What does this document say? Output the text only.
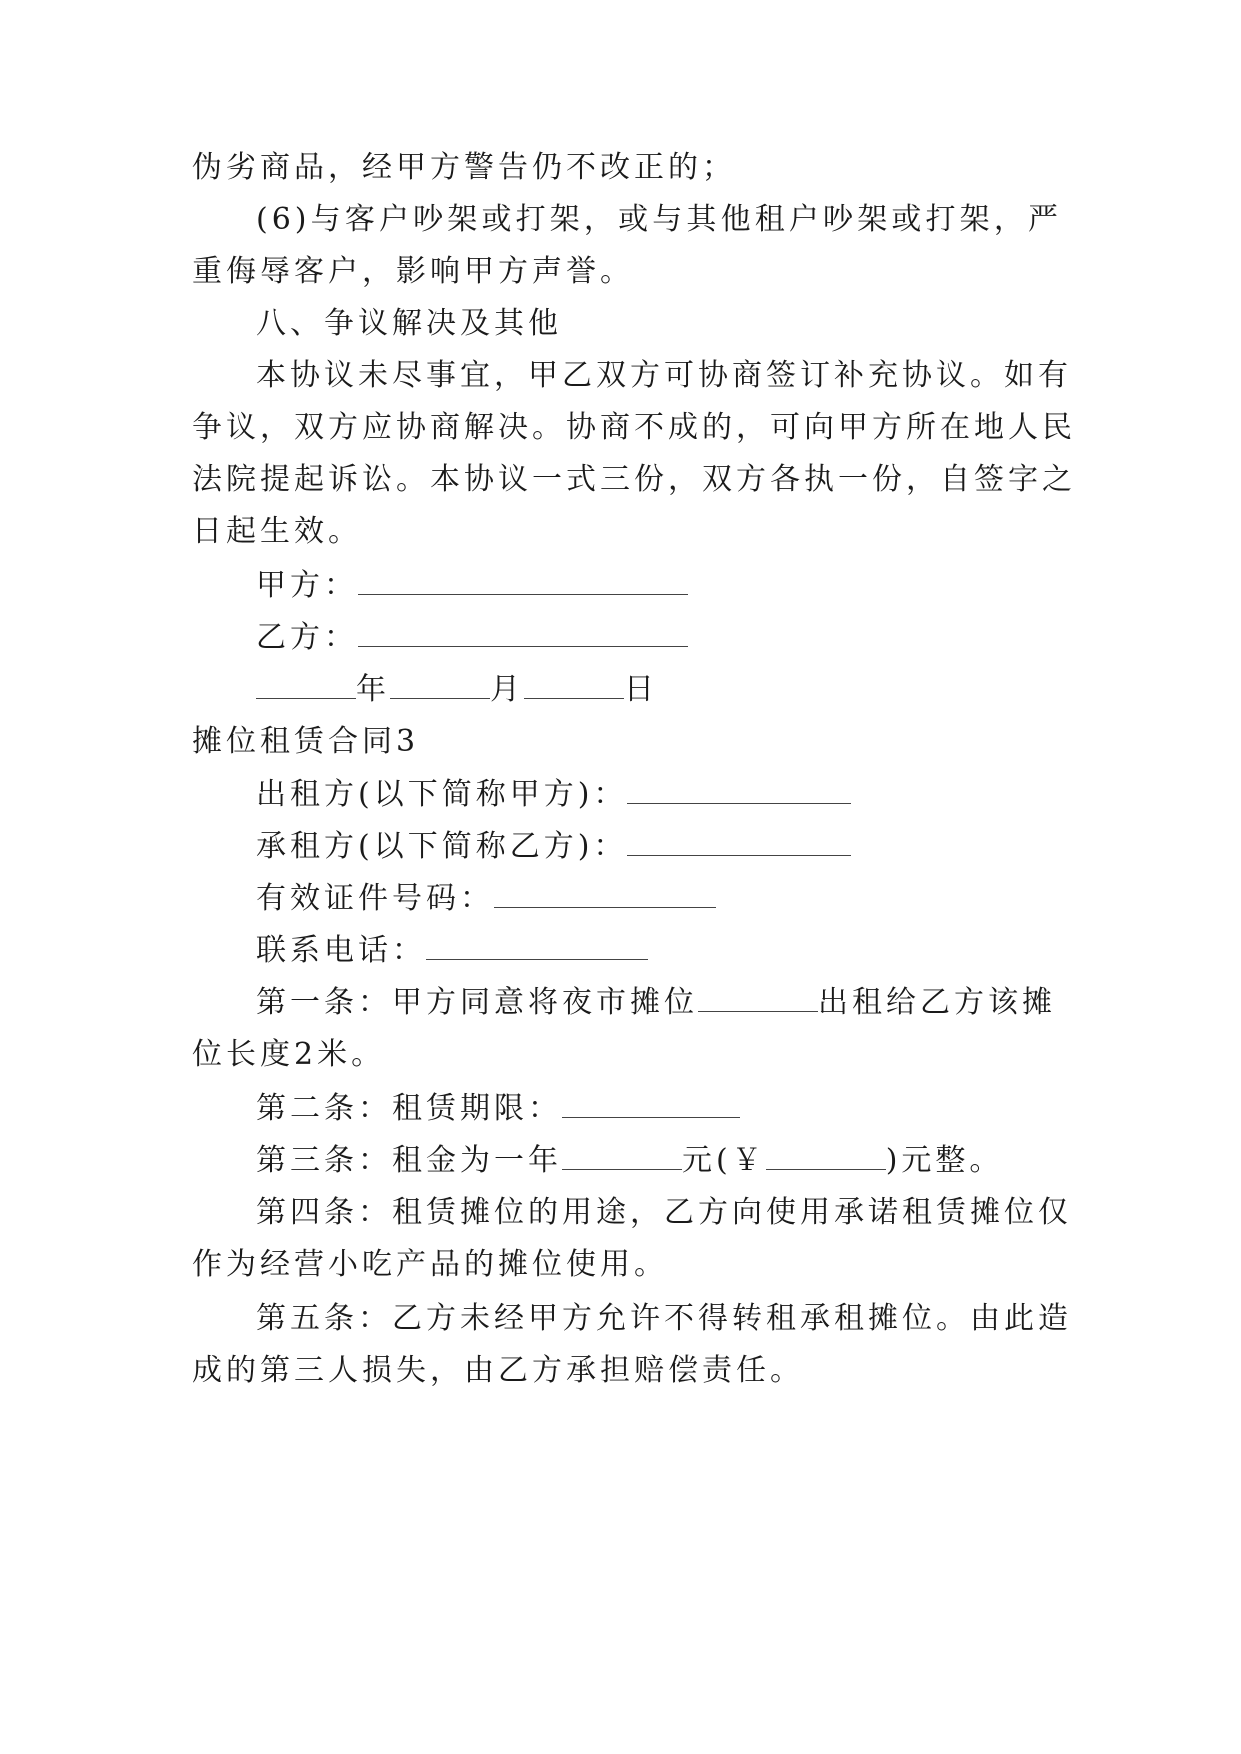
伪劣商品，经甲方警告仍不改正的；
(6)与客户吵架或打架，或与其他租户吵架或打架，严
重侮辱客户，影响甲方声誉。
八、争议解决及其他
本协议未尽事宜，甲乙双方可协商签订补充协议。如有
争议，双方应协商解决。协商不成的，可向甲方所在地人民
法院提起诉讼。本协议一式三份，双方各执一份，自签字之
日起生效。
甲方：
乙方：
年	月	日
摊位租赁合同3
出租方(以下简称甲方)：
承租方(以下简称乙方)：
有效证件号码：
联系电话：
第一条：甲方同意将夜市摊位	出租给乙方该摊
位长度2米。
第二条：租赁期限：
第三条：租金为一年	元(￥	)元整。
第四条：租赁摊位的用途，乙方向使用承诺租赁摊位仅
作为经营小吃产品的摊位使用。
第五条：乙方未经甲方允许不得转租承租摊位。由此造
成的第三人损失，由乙方承担赔偿责任。
